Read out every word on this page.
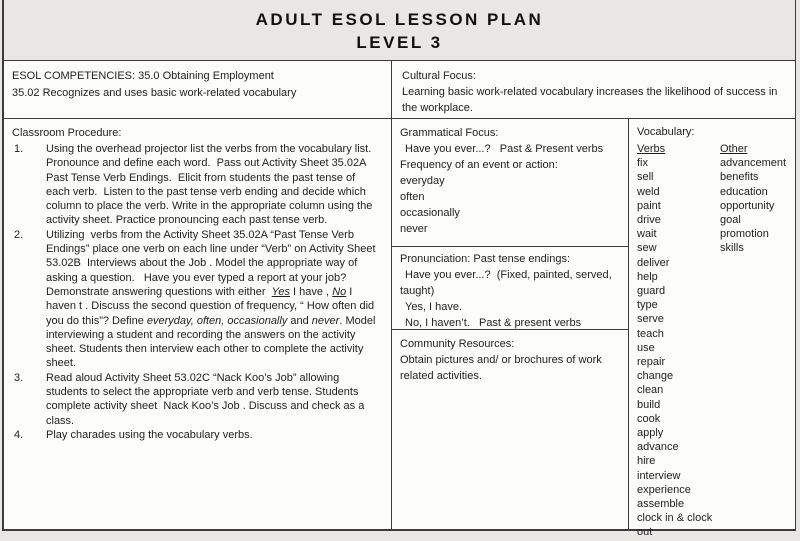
ADULT ESOL LESSON PLAN
LEVEL 3
ESOL COMPETENCIES: 35.0 Obtaining Employment
35.02 Recognizes and uses basic work-related vocabulary
Cultural Focus:
Learning basic work-related vocabulary increases the likelihood of success in the workplace.
Classroom Procedure:
1.	Using the overhead projector list the verbs from the vocabulary list. Pronounce and define each word.  Pass out Activity Sheet 35.02A Past Tense Verb Endings.  Elicit from students the past tense of each verb.  Listen to the past tense verb ending and decide which column to place the verb. Write in the appropriate column using the activity sheet. Practice pronouncing each past tense verb.
2.	Utilizing  verbs from the Activity Sheet 35.02A “Past Tense Verb Endings” place one verb on each line under “Verb” on Activity Sheet 53.02B  Interviews about the Job . Model the appropriate way of asking a question.   Have you ever typed a report at your job? Demonstrate answering questions with either  Yes I have , No I haven t . Discuss the second question of frequency, “ How often did you do this”? Define everyday, often, occasionally and never. Model interviewing a student and recording the answers on the activity sheet. Students then interview each other to complete the activity sheet.
3.	Read aloud Activity Sheet 53.02C “Nack Koo’s Job” allowing students to select the appropriate verb and verb tense. Students complete activity sheet  Nack Koo’s Job . Discuss and check as a class.
4.	Play charades using the vocabulary verbs.

Grammatical Focus:

Have you ever...?   Past & Present verbs

Frequency of an event or action:

everyday

often

occasionally

never

Pronunciation: Past tense endings:

Have you ever...?  (Fixed, painted, served, taught)

Yes, I have.

No, I haven’t.   Past & present verbs

Community Resources:

Obtain pictures and/ or brochures of work related activities.

Vocabulary:
Verbs
fix
sell
weld
paint
drive
wait
sew
deliver
help
guard
type
serve
teach
use
repair
change
clean
build
cook
apply
advance
hire
interview
experience
assemble
clock in & clock out
Other
advancement
benefits
education
opportunity
goal
promotion
skills
